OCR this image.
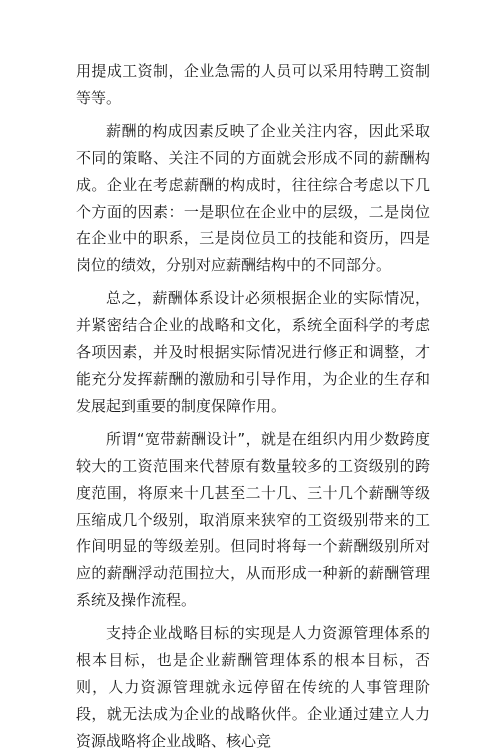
用提成工资制，企业急需的人员可以采用特聘工资制等等。

薪酬的构成因素反映了企业关注内容，因此采取不同的策略、关注不同的方面就会形成不同的薪酬构成。企业在考虑薪酬的构成时，往往综合考虑以下几个方面的因素：一是职位在企业中的层级，二是岗位在企业中的职系，三是岗位员工的技能和资历，四是岗位的绩效，分别对应薪酬结构中的不同部分。

总之，薪酬体系设计必须根据企业的实际情况，并紧密结合企业的战略和文化，系统全面科学的考虑各项因素，并及时根据实际情况进行修正和调整，才能充分发挥薪酬的激励和引导作用，为企业的生存和发展起到重要的制度保障作用。

所谓“宽带薪酬设计”，就是在组织内用少数跨度较大的工资范围来代替原有数量较多的工资级别的跨度范围，将原来十几甚至二十几、三十几个薪酬等级压缩成几个级别，取消原来狭窄的工资级别带来的工作间明显的等级差别。但同时将每一个薪酬级别所对应的薪酬浮动范围拉大，从而形成一种新的薪酬管理系统及操作流程。

支持企业战略目标的实现是人力资源管理体系的根本目标，也是企业薪酬管理体系的根本目标，否则，人力资源管理就永远停留在传统的人事管理阶段，就无法成为企业的战略伙伴。企业通过建立人力资源战略将企业战略、核心竞
